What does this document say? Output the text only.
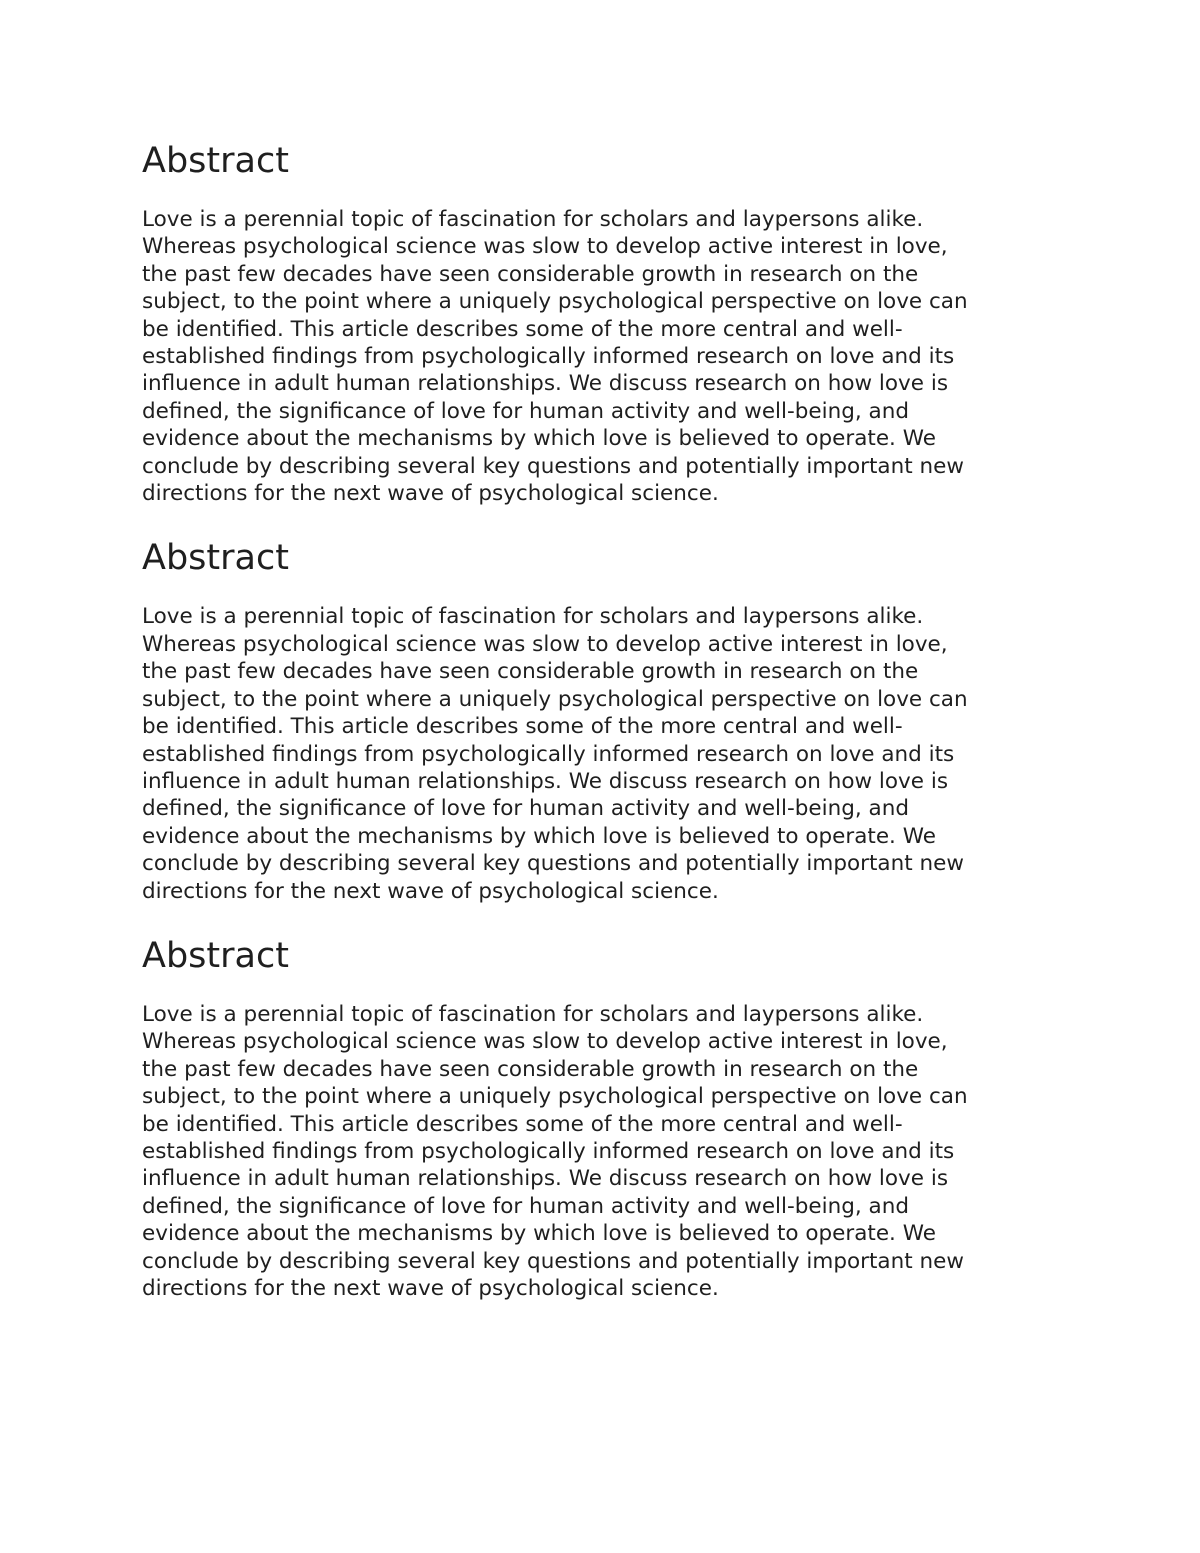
Abstract
Love is a perennial topic of fascination for scholars and laypersons alike.
Whereas psychological science was slow to develop active interest in love,
the past few decades have seen considerable growth in research on the
subject, to the point where a uniquely psychological perspective on love can
be identified. This article describes some of the more central and well-
established findings from psychologically informed research on love and its
influence in adult human relationships. We discuss research on how love is
defined, the significance of love for human activity and well-being, and
evidence about the mechanisms by which love is believed to operate. We
conclude by describing several key questions and potentially important new
directions for the next wave of psychological science.
Abstract
Love is a perennial topic of fascination for scholars and laypersons alike.
Whereas psychological science was slow to develop active interest in love,
the past few decades have seen considerable growth in research on the
subject, to the point where a uniquely psychological perspective on love can
be identified. This article describes some of the more central and well-
established findings from psychologically informed research on love and its
influence in adult human relationships. We discuss research on how love is
defined, the significance of love for human activity and well-being, and
evidence about the mechanisms by which love is believed to operate. We
conclude by describing several key questions and potentially important new
directions for the next wave of psychological science.
Abstract
Love is a perennial topic of fascination for scholars and laypersons alike.
Whereas psychological science was slow to develop active interest in love,
the past few decades have seen considerable growth in research on the
subject, to the point where a uniquely psychological perspective on love can
be identified. This article describes some of the more central and well-
established findings from psychologically informed research on love and its
influence in adult human relationships. We discuss research on how love is
defined, the significance of love for human activity and well-being, and
evidence about the mechanisms by which love is believed to operate. We
conclude by describing several key questions and potentially important new
directions for the next wave of psychological science.
